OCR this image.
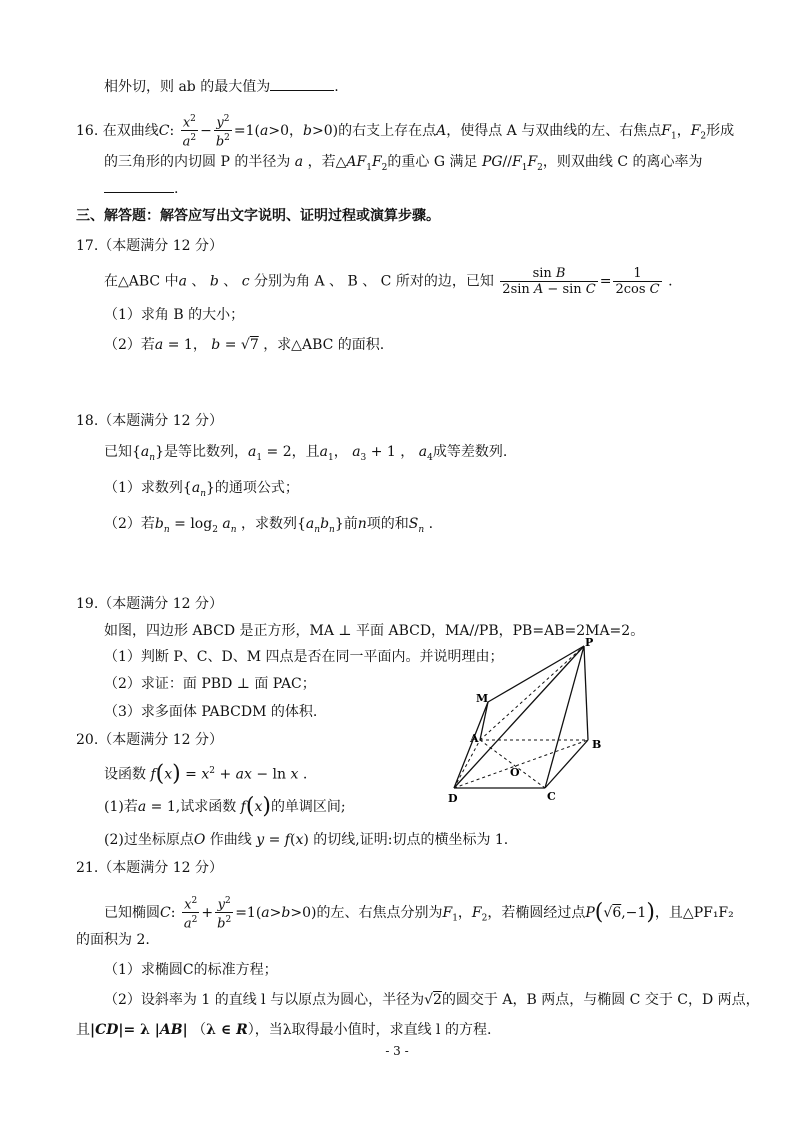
相外切，则 ab 的最大值为	.
16. 在双曲线C: $\frac{x^2}{a^2} - \frac{y^2}{b^2} =1(a>0$，b>0)的右支上存在点A，使得点 A 与双曲线的左、右焦点$F_1$，$F_2$形成
的三角形的内切圆 P 的半径为 a ，若$\triangle AF_1F_2$的重心 G 满足 $PG//F_1F_2$，则双曲线 C 的离心率为
.
三、解答题：解答应写出文字说明、证明过程或演算步骤。
17.（本题满分 12 分）
在△ABC 中a 、 b 、 c 分别为角 A 、 B 、 C 所对的边，已知 $\frac{\text{sin B}}{\text{2sin A − sin C}} = \frac{1}{\text{2cos C}}$ .
（1）求角 B 的大小；
（2）若a = 1， b = √7 ，求△ABC 的面积.
18.（本题满分 12 分）
已知$\{a_n\}$是等比数列，$a_1 = 2$，且$a_1$， $a_3 + 1$ ， $a_4$成等差数列.
（1）求数列$\{a_n\}$的通项公式；
（2）若$b_n = \log_2 a_n$ ，求数列$\{a_nb_n\}$前n项的和$S_n$ .
19.（本题满分 12 分）
如图，四边形 ABCD 是正方形，MA ⊥ 平面 ABCD，MA//PB，PB=AB=2MA=2。
（1）判断 P、C、D、M 四点是否在同一平面内。并说明理由；
（2）求证：面 PBD ⊥ 面 PAC；
（3）求多面体 PABCDM 的体积.
P
M
A	B
O
D	C
20.（本题满分 12 分）
设函数 $f(x) = x^2$ + ax − ln x .
(1)若a = 1,试求函数 f(x)的单调区间;
(2)过坐标原点O 作曲线 y = f(x) 的切线,证明:切点的横坐标为 1.
21.（本题满分 12 分）
已知椭圆C: $\frac{x^2}{a^2} + \frac{y^2}{b^2} =1(a>b>0)$的左、右焦点分别为$F_1$，$F_2$，若椭圆经过点P(√6,−1)，且△PF₁F₂
的面积为 2.
（1）求椭圆C的标准方程；
（2）设斜率为 1 的直线 l 与以原点为圆心，半径为√2的圆交于 A，B 两点，与椭圆 C 交于 C，D 两点，
且|CD|= λ |AB| （λ ∈ R），当λ取得最小值时，求直线 l 的方程.
- 3 -
